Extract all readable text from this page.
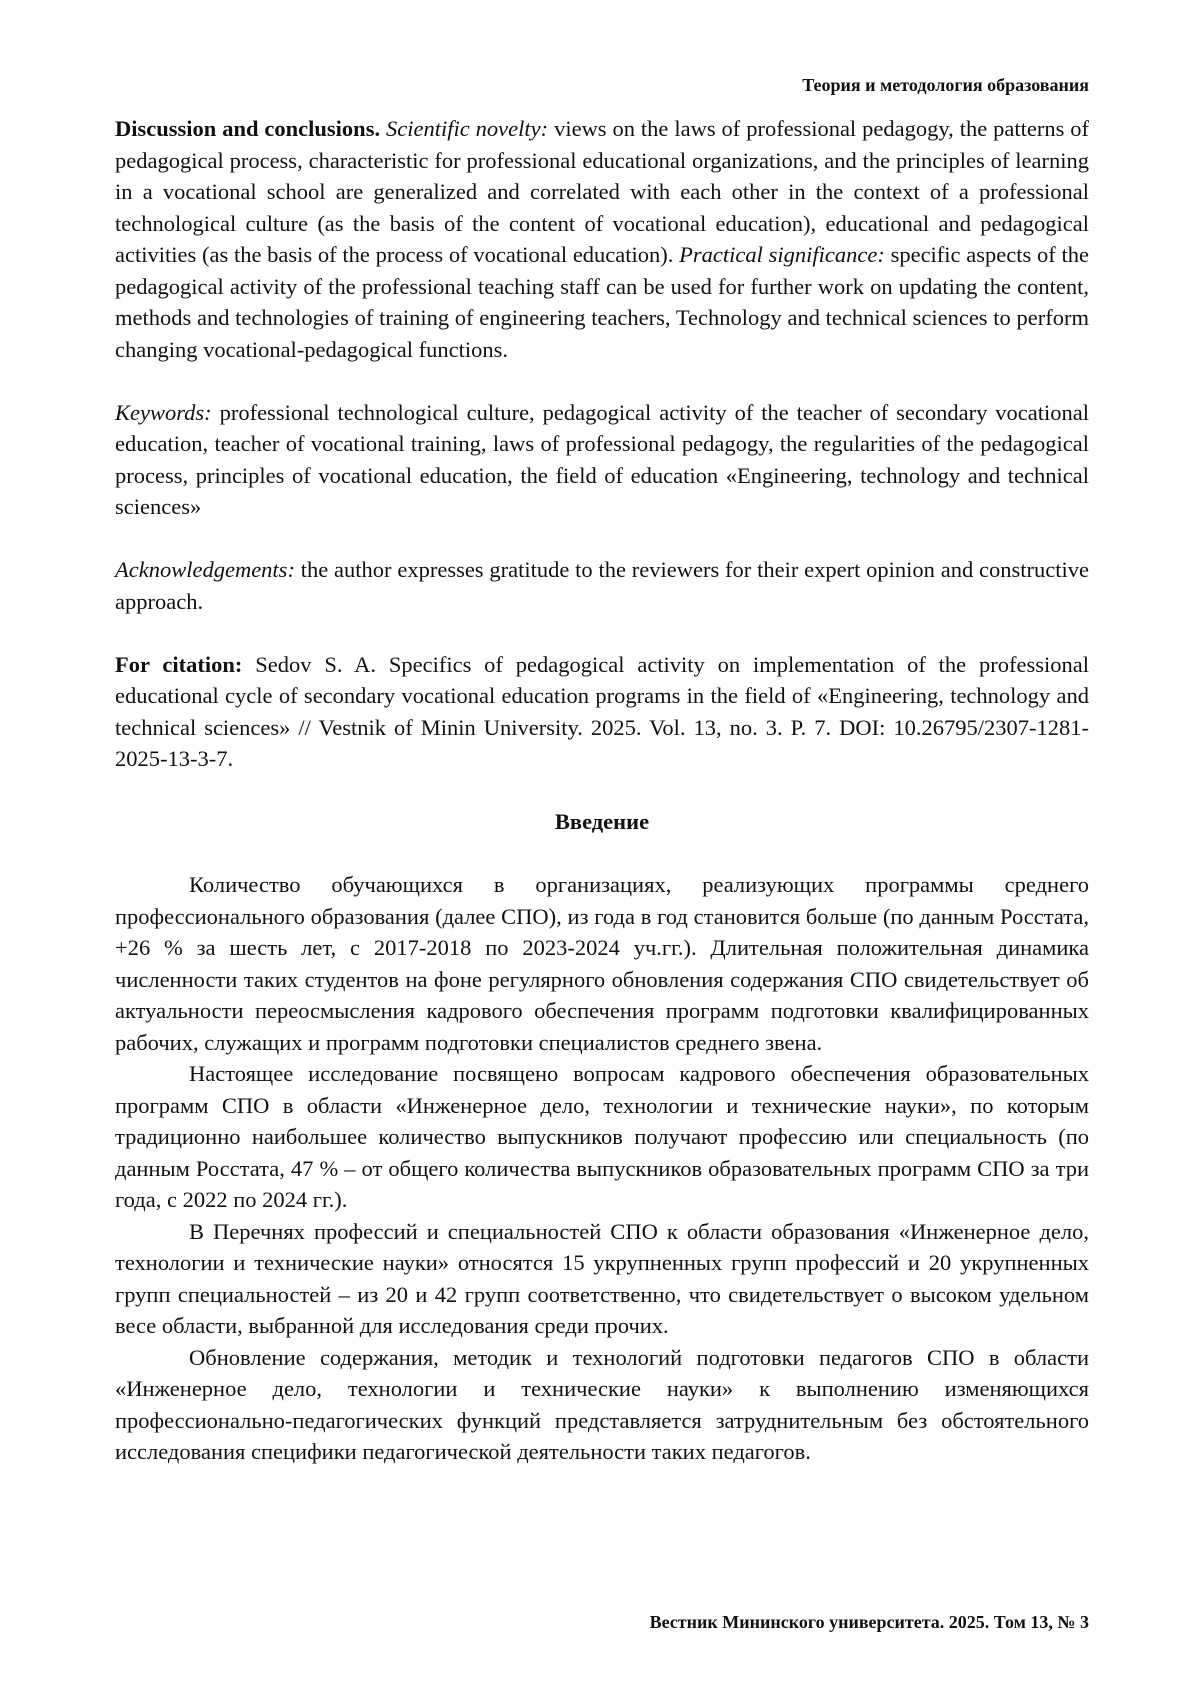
Теория и методология образования

Discussion and conclusions. Scientific novelty: views on the laws of professional pedagogy, the patterns of pedagogical process, characteristic for professional educational organizations, and the principles of learning in a vocational school are generalized and correlated with each other in the context of a professional technological culture (as the basis of the content of vocational education), educational and pedagogical activities (as the basis of the process of vocational education). Practical significance: specific aspects of the pedagogical activity of the professional teaching staff can be used for further work on updating the content, methods and technologies of training of engineering teachers, Technology and technical sciences to perform changing vocational-pedagogical functions.

Keywords: professional technological culture, pedagogical activity of the teacher of secondary vocational education, teacher of vocational training, laws of professional pedagogy, the regularities of the pedagogical process, principles of vocational education, the field of education «Engineering, technology and technical sciences»

Acknowledgements: the author expresses gratitude to the reviewers for their expert opinion and constructive approach.

For citation: Sedov S. A. Specifics of pedagogical activity on implementation of the professional educational cycle of secondary vocational education programs in the field of «Engineering, technology and technical sciences» // Vestnik of Minin University. 2025. Vol. 13, no. 3. P. 7. DOI: 10.26795/2307-1281-2025-13-3-7.

Введение

Количество обучающихся в организациях, реализующих программы среднего профессионального образования (далее СПО), из года в год становится больше (по данным Росстата, +26 % за шесть лет, с 2017-2018 по 2023-2024 уч.гг.). Длительная положительная динамика численности таких студентов на фоне регулярного обновления содержания СПО свидетельствует об актуальности переосмысления кадрового обеспечения программ подготовки квалифицированных рабочих, служащих и программ подготовки специалистов среднего звена.

Настоящее исследование посвящено вопросам кадрового обеспечения образовательных программ СПО в области «Инженерное дело, технологии и технические науки», по которым традиционно наибольшее количество выпускников получают профессию или специальность (по данным Росстата, 47 % – от общего количества выпускников образовательных программ СПО за три года, с 2022 по 2024 гг.).

В Перечнях профессий и специальностей СПО к области образования «Инженерное дело, технологии и технические науки» относятся 15 укрупненных групп профессий и 20 укрупненных групп специальностей – из 20 и 42 групп соответственно, что свидетельствует о высоком удельном весе области, выбранной для исследования среди прочих.

Обновление содержания, методик и технологий подготовки педагогов СПО в области «Инженерное дело, технологии и технические науки» к выполнению изменяющихся профессионально-педагогических функций представляется затруднительным без обстоятельного исследования специфики педагогической деятельности таких педагогов.

Вестник Мининского университета. 2025. Том 13, № 3
